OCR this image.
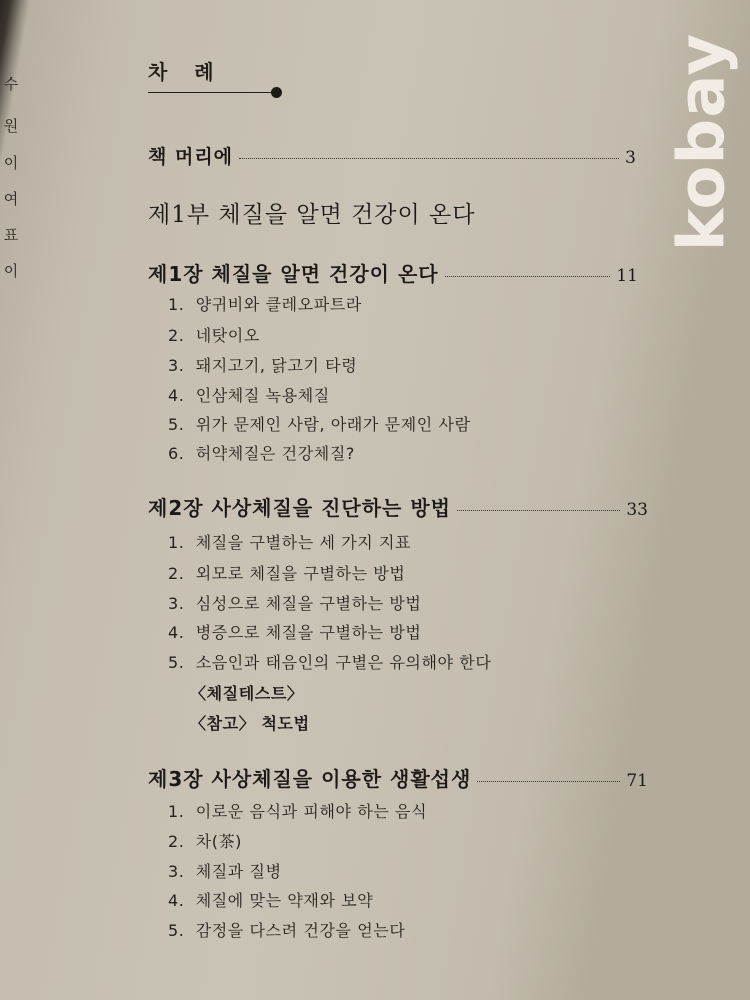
수
원
이
여
표
이
kobay
차 례
책 머리에	3
제1부 체질을 알면 건강이 온다
제1장 체질을 알면 건강이 온다	11
1. 양귀비와 클레오파트라
2. 네탓이오
3. 돼지고기, 닭고기 타령
4. 인삼체질 녹용체질
5. 위가 문제인 사람, 아래가 문제인 사람
6. 허약체질은 건강체질?
제2장 사상체질을 진단하는 방법	33
1. 체질을 구별하는 세 가지 지표
2. 외모로 체질을 구별하는 방법
3. 심성으로 체질을 구별하는 방법
4. 병증으로 체질을 구별하는 방법
5. 소음인과 태음인의 구별은 유의해야 한다
〈체질테스트〉
〈참고〉 척도법
제3장 사상체질을 이용한 생활섭생	71
1. 이로운 음식과 피해야 하는 음식
2. 차(茶)
3. 체질과 질병
4. 체질에 맞는 약재와 보약
5. 감정을 다스려 건강을 얻는다
